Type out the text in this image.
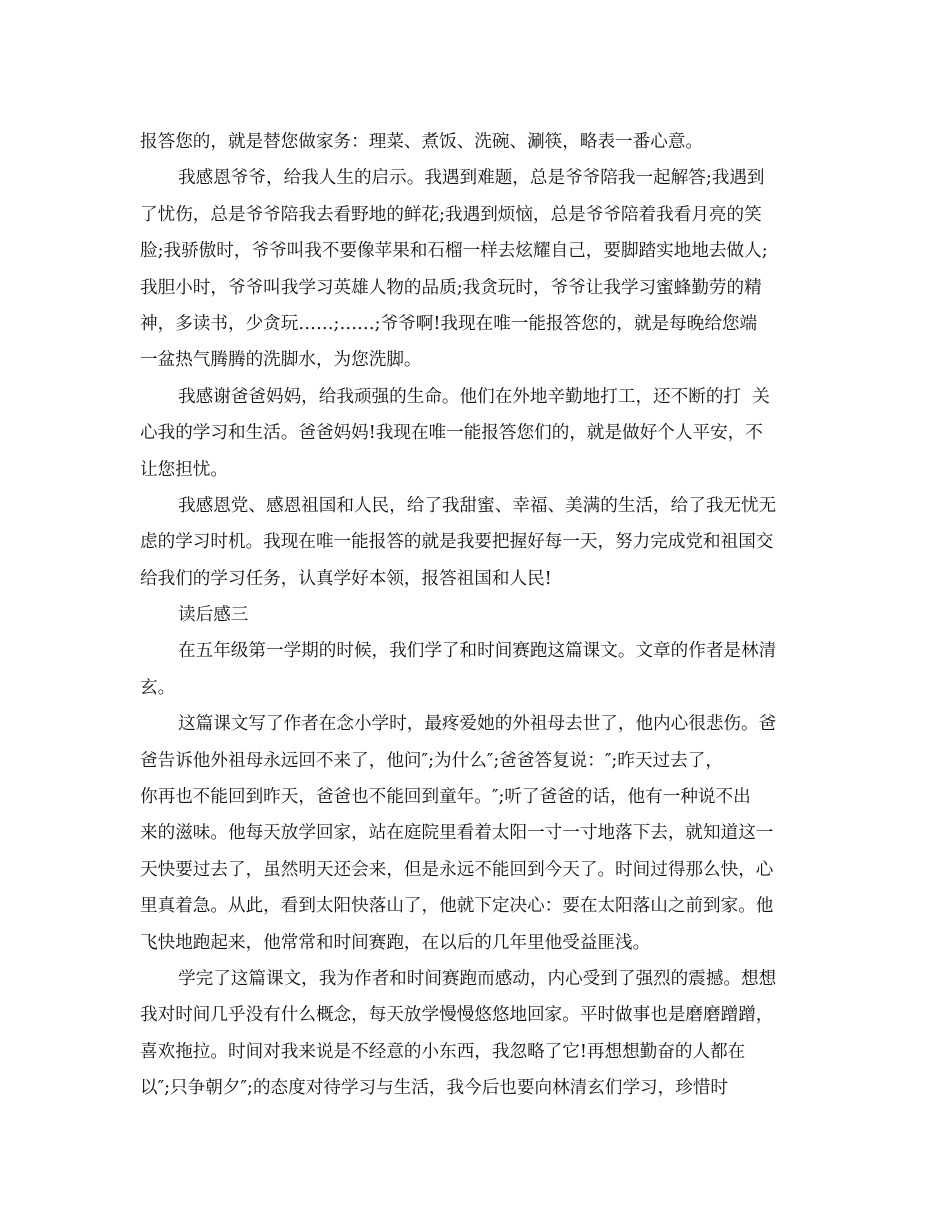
报答您的，就是替您做家务：理菜、煮饭、洗碗、涮筷，略表一番心意。
我感恩爷爷，给我人生的启示。我遇到难题，总是爷爷陪我一起解答;我遇到
了忧伤，总是爷爷陪我去看野地的鲜花;我遇到烦恼，总是爷爷陪着我看月亮的笑
脸;我骄傲时，爷爷叫我不要像苹果和石榴一样去炫耀自己，要脚踏实地地去做人;
我胆小时，爷爷叫我学习英雄人物的品质;我贪玩时，爷爷让我学习蜜蜂勤劳的精
神，多读书，少贪玩……;……;爷爷啊!我现在唯一能报答您的，就是每晚给您端
一盆热气腾腾的洗脚水，为您洗脚。
我感谢爸爸妈妈，给我顽强的生命。他们在外地辛勤地打工，还不断的打  关
心我的学习和生活。爸爸妈妈!我现在唯一能报答您们的，就是做好个人平安，不
让您担忧。
我感恩党、感恩祖国和人民，给了我甜蜜、幸福、美满的生活，给了我无忧无
虑的学习时机。我现在唯一能报答的就是我要把握好每一天，努力完成党和祖国交
给我们的学习任务，认真学好本领，报答祖国和人民!
读后感三
在五年级第一学期的时候，我们学了和时间赛跑这篇课文。文章的作者是林清
玄。
这篇课文写了作者在念小学时，最疼爱她的外祖母去世了，他内心很悲伤。爸
爸告诉他外祖母永远回不来了，他问″;为什么″;爸爸答复说：″;昨天过去了，
你再也不能回到昨天，爸爸也不能回到童年。″;听了爸爸的话，他有一种说不出
来的滋味。他每天放学回家，站在庭院里看着太阳一寸一寸地落下去，就知道这一
天快要过去了，虽然明天还会来，但是永远不能回到今天了。时间过得那么快，心
里真着急。从此，看到太阳快落山了，他就下定决心：要在太阳落山之前到家。他
飞快地跑起来，他常常和时间赛跑，在以后的几年里他受益匪浅。
学完了这篇课文，我为作者和时间赛跑而感动，内心受到了强烈的震撼。想想
我对时间几乎没有什么概念，每天放学慢慢悠悠地回家。平时做事也是磨磨蹭蹭，
喜欢拖拉。时间对我来说是不经意的小东西，我忽略了它!再想想勤奋的人都在
以″;只争朝夕″;的态度对待学习与生活，我今后也要向林清玄们学习，珍惜时
